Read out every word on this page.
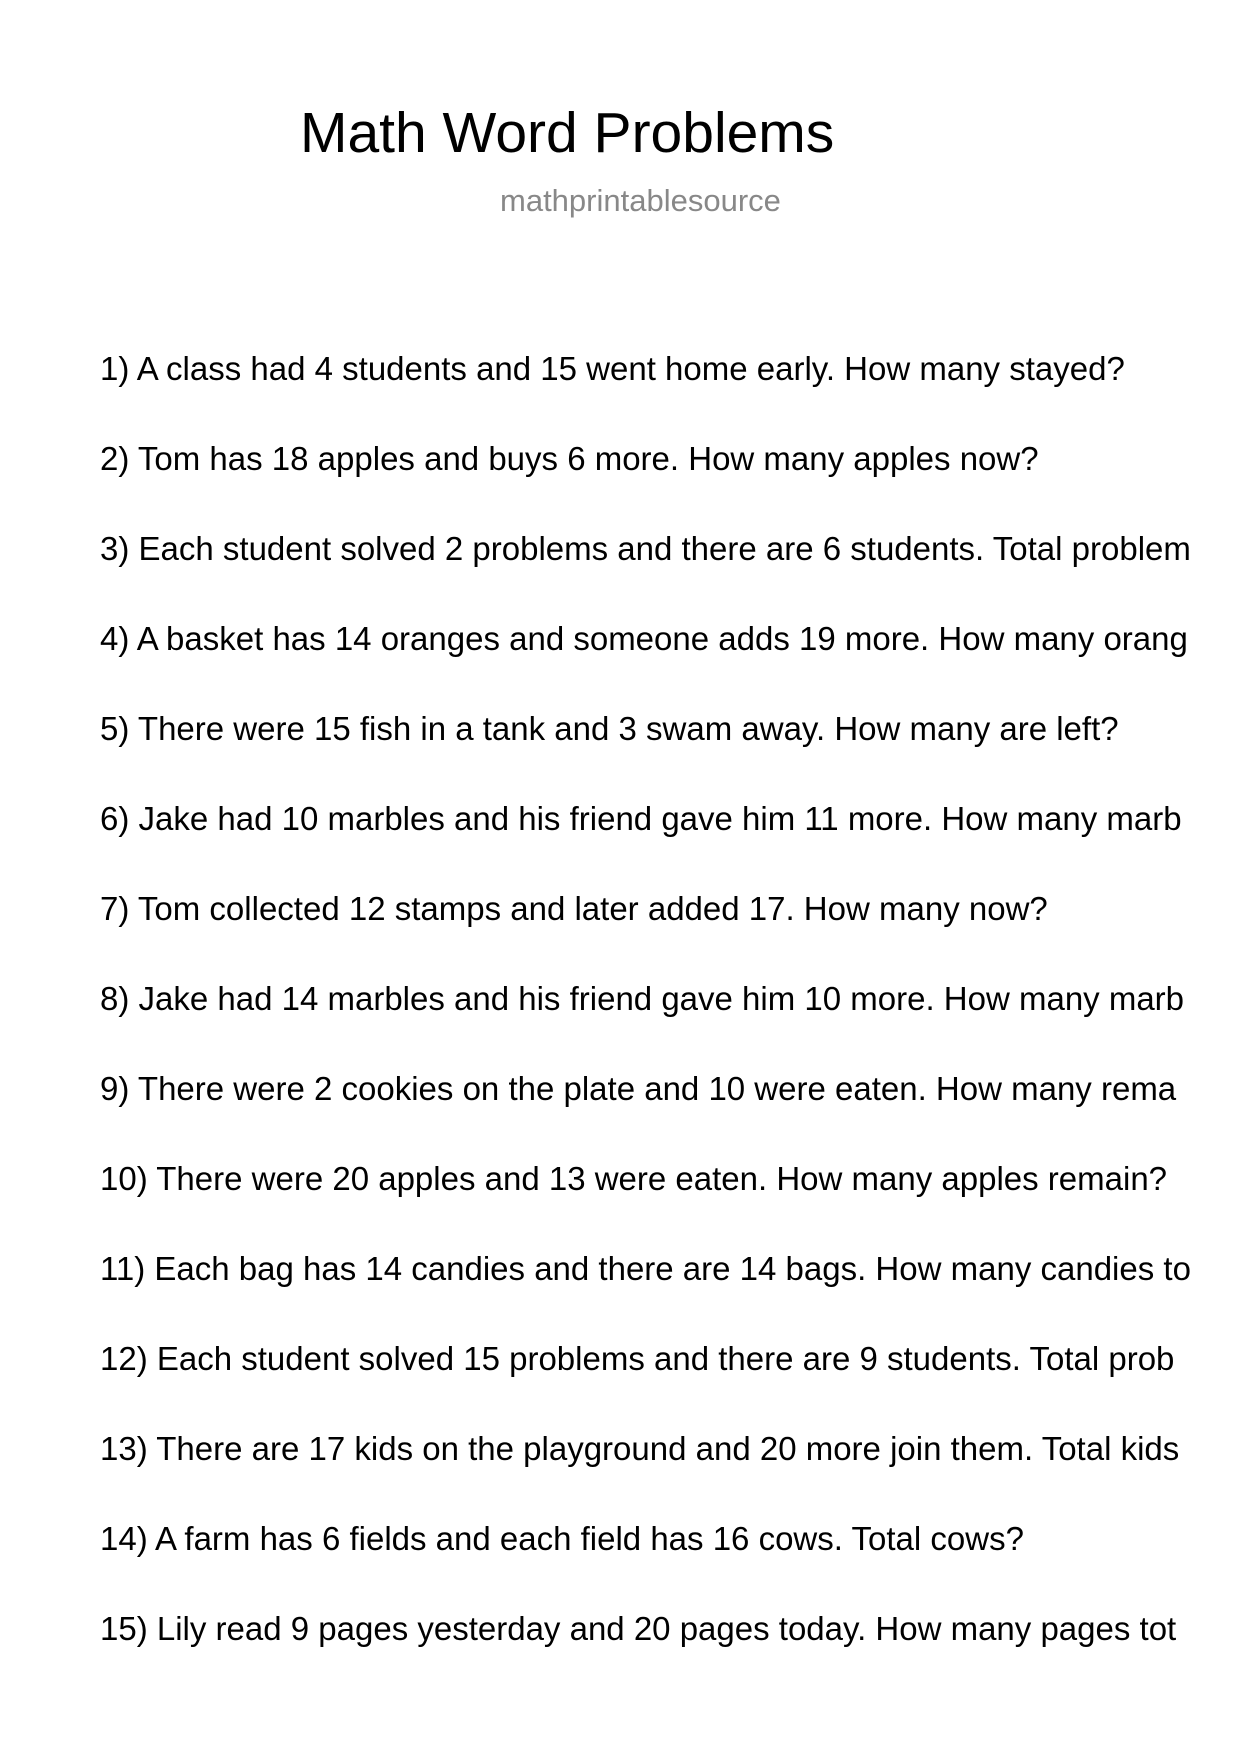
Math Word Problems
mathprintablesource
1) A class had 4 students and 15 went home early. How many stayed?
2) Tom has 18 apples and buys 6 more. How many apples now?
3) Each student solved 2 problems and there are 6 students. Total problem
4) A basket has 14 oranges and someone adds 19 more. How many orang
5) There were 15 fish in a tank and 3 swam away. How many are left?
6) Jake had 10 marbles and his friend gave him 11 more. How many marb
7) Tom collected 12 stamps and later added 17. How many now?
8) Jake had 14 marbles and his friend gave him 10 more. How many marb
9) There were 2 cookies on the plate and 10 were eaten. How many rema
10) There were 20 apples and 13 were eaten. How many apples remain?
11) Each bag has 14 candies and there are 14 bags. How many candies to
12) Each student solved 15 problems and there are 9 students. Total prob
13) There are 17 kids on the playground and 20 more join them. Total kids
14) A farm has 6 fields and each field has 16 cows. Total cows?
15) Lily read 9 pages yesterday and 20 pages today. How many pages tot
